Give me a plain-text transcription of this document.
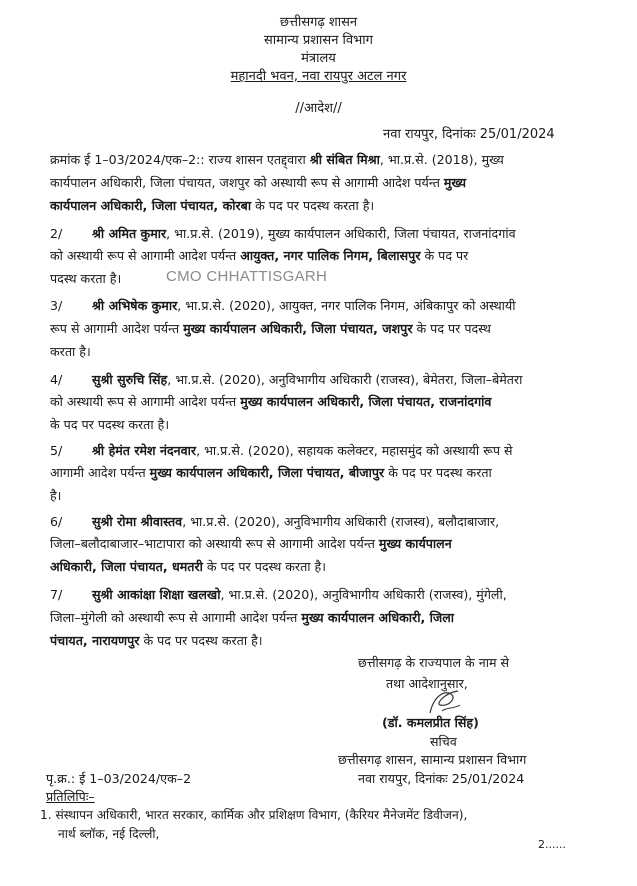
छत्तीसगढ़ शासन
सामान्य प्रशासन विभाग
मंत्रालय
महानदी भवन, नवा रायपुर अटल नगर
//आदेश//
नवा रायपुर, दिनांकः 25/01/2024
CMO CHHATTISGARH
क्रमांक ई 1–03/2024/एक–2:: राज्य शासन एतद्द्वारा श्री संबित मिश्रा, भा.प्र.से. (2018), मुख्य
कार्यपालन अधिकारी, जिला पंचायत, जशपुर को अस्थायी रूप से आगामी आदेश पर्यन्त मुख्य
कार्यपालन अधिकारी, जिला पंचायत, कोरबा के पद पर पदस्थ करता है।
2/ श्री अमित कुमार, भा.प्र.से. (2019), मुख्य कार्यपालन अधिकारी, जिला पंचायत, राजनांदगांव
को अस्थायी रूप से आगामी आदेश पर्यन्त आयुक्त, नगर पालिक निगम, बिलासपुर के पद पर
पदस्थ करता है।
3/ श्री अभिषेक कुमार, भा.प्र.से. (2020), आयुक्त, नगर पालिक निगम, अंबिकापुर को अस्थायी
रूप से आगामी आदेश पर्यन्त मुख्य कार्यपालन अधिकारी, जिला पंचायत, जशपुर के पद पर पदस्थ
करता है।
4/ सुश्री सुरुचि सिंह, भा.प्र.से. (2020), अनुविभागीय अधिकारी (राजस्व), बेमेतरा, जिला–बेमेतरा
को अस्थायी रूप से आगामी आदेश पर्यन्त मुख्य कार्यपालन अधिकारी, जिला पंचायत, राजनांदगांव
के पद पर पदस्थ करता है।
5/ श्री हेमंत रमेश नंदनवार, भा.प्र.से. (2020), सहायक कलेक्टर, महासमुंद को अस्थायी रूप से
आगामी आदेश पर्यन्त मुख्य कार्यपालन अधिकारी, जिला पंचायत, बीजापुर के पद पर पदस्थ करता
है।
6/ सुश्री रोमा श्रीवास्तव, भा.प्र.से. (2020), अनुविभागीय अधिकारी (राजस्व), बलौदाबाजार,
जिला–बलौदाबाजार–भाटापारा को अस्थायी रूप से आगामी आदेश पर्यन्त मुख्य कार्यपालन
अधिकारी, जिला पंचायत, धमतरी के पद पर पदस्थ करता है।
7/ सुश्री आकांक्षा शिक्षा खलखो, भा.प्र.से. (2020), अनुविभागीय अधिकारी (राजस्व), मुंगेली,
जिला–मुंगेली को अस्थायी रूप से आगामी आदेश पर्यन्त मुख्य कार्यपालन अधिकारी, जिला
पंचायत, नारायणपुर के पद पर पदस्थ करता है।
छत्तीसगढ़ के राज्यपाल के नाम से
तथा आदेशानुसार,
(डॉ. कमलप्रीत सिंह)
सचिव
छत्तीसगढ़ शासन, सामान्य प्रशासन विभाग
नवा रायपुर, दिनांकः 25/01/2024
पृ.क्र.: ई 1–03/2024/एक–2
प्रतिलिपिः–
1. संस्थापन अधिकारी, भारत सरकार, कार्मिक और प्रशिक्षण विभाग, (कैरियर मैनेजमेंट डिवीजन),
नार्थ ब्लॉक, नई दिल्ली,
2......
